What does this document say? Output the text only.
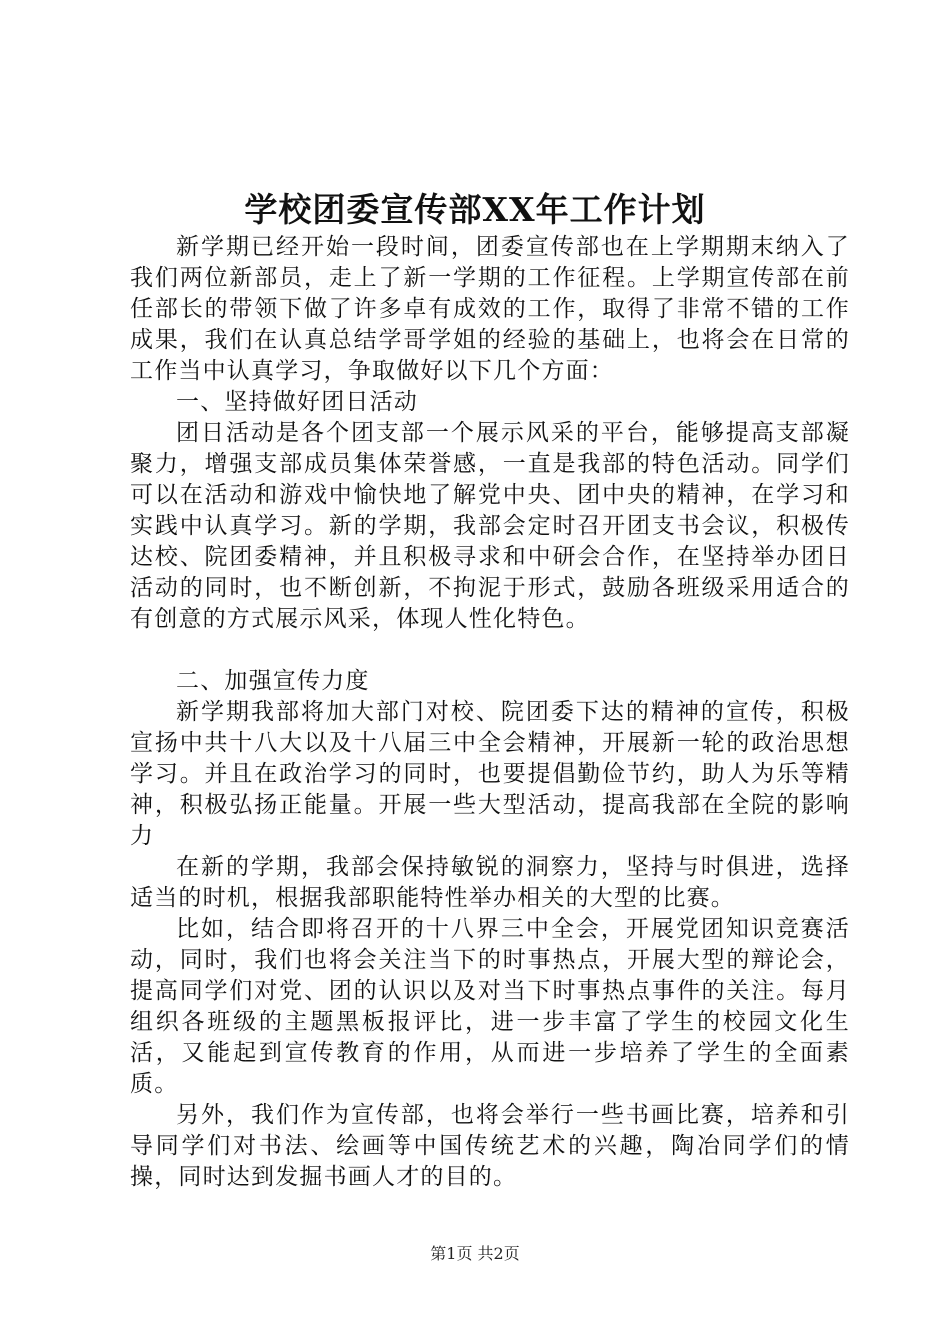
学校团委宣传部XX年工作计划

新学期已经开始一段时间，团委宣传部也在上学期期末纳入了我们两位新部员，走上了新一学期的工作征程。上学期宣传部在前任部长的带领下做了许多卓有成效的工作，取得了非常不错的工作成果，我们在认真总结学哥学姐的经验的基础上，也将会在日常的工作当中认真学习，争取做好以下几个方面：

一、坚持做好团日活动

团日活动是各个团支部一个展示风采的平台，能够提高支部凝聚力，增强支部成员集体荣誉感，一直是我部的特色活动。同学们可以在活动和游戏中愉快地了解党中央、团中央的精神，在学习和实践中认真学习。新的学期，我部会定时召开团支书会议，积极传达校、院团委精神，并且积极寻求和中研会合作，在坚持举办团日活动的同时，也不断创新，不拘泥于形式，鼓励各班级采用适合的有创意的方式展示风采，体现人性化特色。

二、加强宣传力度

新学期我部将加大部门对校、院团委下达的精神的宣传，积极宣扬中共十八大以及十八届三中全会精神，开展新一轮的政治思想学习。并且在政治学习的同时，也要提倡勤俭节约，助人为乐等精神，积极弘扬正能量。开展一些大型活动，提高我部在全院的影响力

在新的学期，我部会保持敏锐的洞察力，坚持与时俱进，选择适当的时机，根据我部职能特性举办相关的大型的比赛。

比如，结合即将召开的十八界三中全会，开展党团知识竞赛活动，同时，我们也将会关注当下的时事热点，开展大型的辩论会，提高同学们对党、团的认识以及对当下时事热点事件的关注。每月组织各班级的主题黑板报评比，进一步丰富了学生的校园文化生活，又能起到宣传教育的作用，从而进一步培养了学生的全面素质。

另外，我们作为宣传部，也将会举行一些书画比赛，培养和引导同学们对书法、绘画等中国传统艺术的兴趣，陶冶同学们的情操，同时达到发掘书画人才的目的。

第1页 共2页
